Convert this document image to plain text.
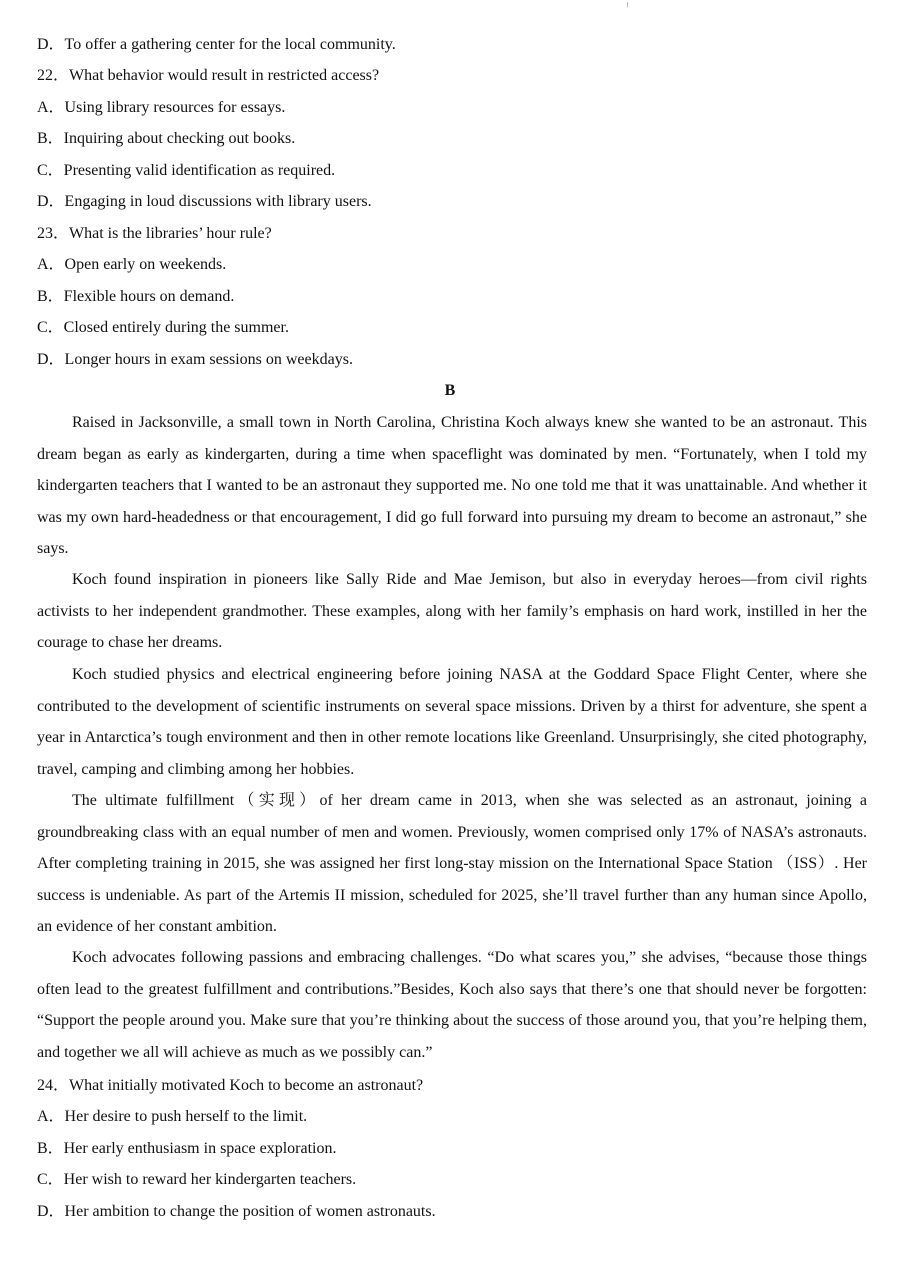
D．To offer a gathering center for the local community.
22．What behavior would result in restricted access?
A．Using library resources for essays.
B．Inquiring about checking out books.
C．Presenting valid identification as required.
D．Engaging in loud discussions with library users.
23．What is the libraries’ hour rule?
A．Open early on weekends.
B．Flexible hours on demand.
C．Closed entirely during the summer.
D．Longer hours in exam sessions on weekdays.
B
Raised in Jacksonville, a small town in North Carolina, Christina Koch always knew she wanted to be an astronaut. This dream began as early as kindergarten, during a time when spaceflight was dominated by men. “Fortunately, when I told my kindergarten teachers that I wanted to be an astronaut they supported me. No one told me that it was unattainable. And whether it was my own hard-headedness or that encouragement, I did go full forward into pursuing my dream to become an astronaut,” she says.
Koch found inspiration in pioneers like Sally Ride and Mae Jemison, but also in everyday heroes—from civil rights activists to her independent grandmother. These examples, along with her family’s emphasis on hard work, instilled in her the courage to chase her dreams.
Koch studied physics and electrical engineering before joining NASA at the Goddard Space Flight Center, where she contributed to the development of scientific instruments on several space missions. Driven by a thirst for adventure, she spent a year in Antarctica’s tough environment and then in other remote locations like Greenland. Unsurprisingly, she cited photography, travel, camping and climbing among her hobbies.
The ultimate fulfillment（实现）of her dream came in 2013, when she was selected as an astronaut, joining a groundbreaking class with an equal number of men and women. Previously, women comprised only 17% of NASA’s astronauts. After completing training in 2015, she was assigned her first long-stay mission on the International Space Station （ISS）. Her success is undeniable. As part of the Artemis II mission, scheduled for 2025, she’ll travel further than any human since Apollo, an evidence of her constant ambition.
Koch advocates following passions and embracing challenges. “Do what scares you,” she advises, “because those things often lead to the greatest fulfillment and contributions.”Besides, Koch also says that there’s one that should never be forgotten: “Support the people around you. Make sure that you’re thinking about the success of those around you, that you’re helping them, and together we all will achieve as much as we possibly can.”
24．What initially motivated Koch to become an astronaut?
A．Her desire to push herself to the limit.
B．Her early enthusiasm in space exploration.
C．Her wish to reward her kindergarten teachers.
D．Her ambition to change the position of women astronauts.
